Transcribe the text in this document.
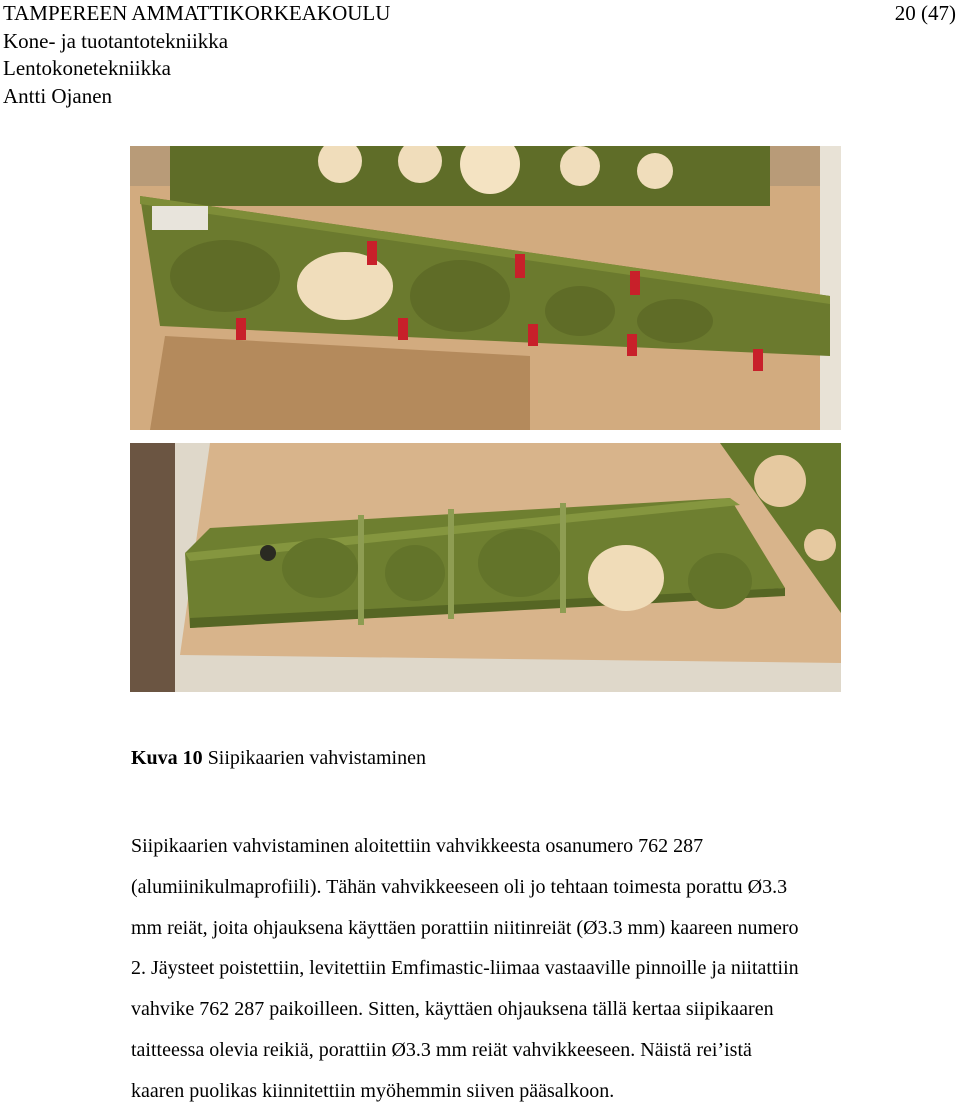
TAMPEREEN AMMATTIKORKEAKOULU
Kone- ja tuotantotekniikka
Lentokonetekniikka
Antti Ojanen
20 (47)
Kuva 10 Siipikaarien vahvistaminen
Siipikaarien vahvistaminen aloitettiin vahvikkeesta osanumero 762 287
(alumiinikulmaprofiili). Tähän vahvikkeeseen oli jo tehtaan toimesta porattu Ø3.3
mm reiät, joita ohjauksena käyttäen porattiin niitinreiät (Ø3.3 mm) kaareen numero
2. Jäysteet poistettiin, levitettiin Emfimastic-liimaa vastaaville pinnoille ja niitattiin
vahvike 762 287 paikoilleen. Sitten, käyttäen ohjauksena tällä kertaa siipikaaren
taitteessa olevia reikiä, porattiin Ø3.3 mm reiät vahvikkeeseen. Näistä rei’istä
kaaren puolikas kiinnitettiin myöhemmin siiven pääsalkoon.
